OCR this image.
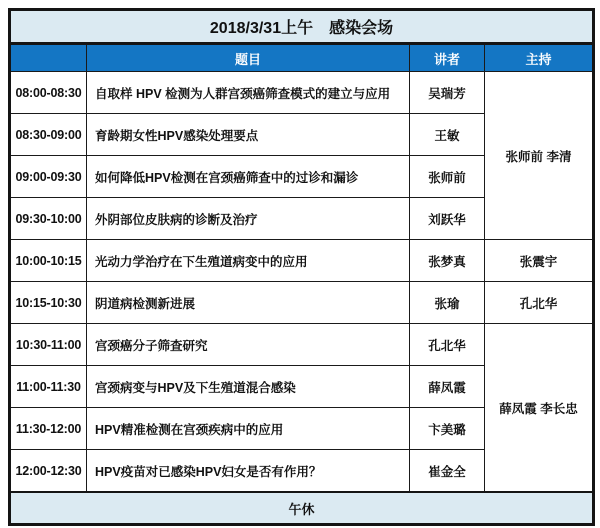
2018/3/31上午　感染会场			
	题目	讲者	主持
08:00-08:30	自取样 HPV 检测为人群宫颈癌筛查模式的建立与应用	吴瑞芳	张师前 李清
08:30-09:00	育龄期女性HPV感染处理要点	王敏	
09:00-09:30	如何降低HPV检测在宫颈癌筛查中的过诊和漏诊	张师前	
09:30-10:00	外阴部位皮肤病的诊断及治疗	刘跃华	
10:00-10:15	光动力学治疗在下生殖道病变中的应用	张梦真	张震宇
10:15-10:30	阴道病检测新进展	张瑜	孔北华
10:30-11:00	宫颈癌分子筛查研究	孔北华	薛凤霞 李长忠
11:00-11:30	宫颈病变与HPV及下生殖道混合感染	薛凤霞	
11:30-12:00	HPV精准检测在宫颈疾病中的应用	卞美璐	
12:00-12:30	HPV疫苗对已感染HPV妇女是否有作用？	崔金全	
午休			
